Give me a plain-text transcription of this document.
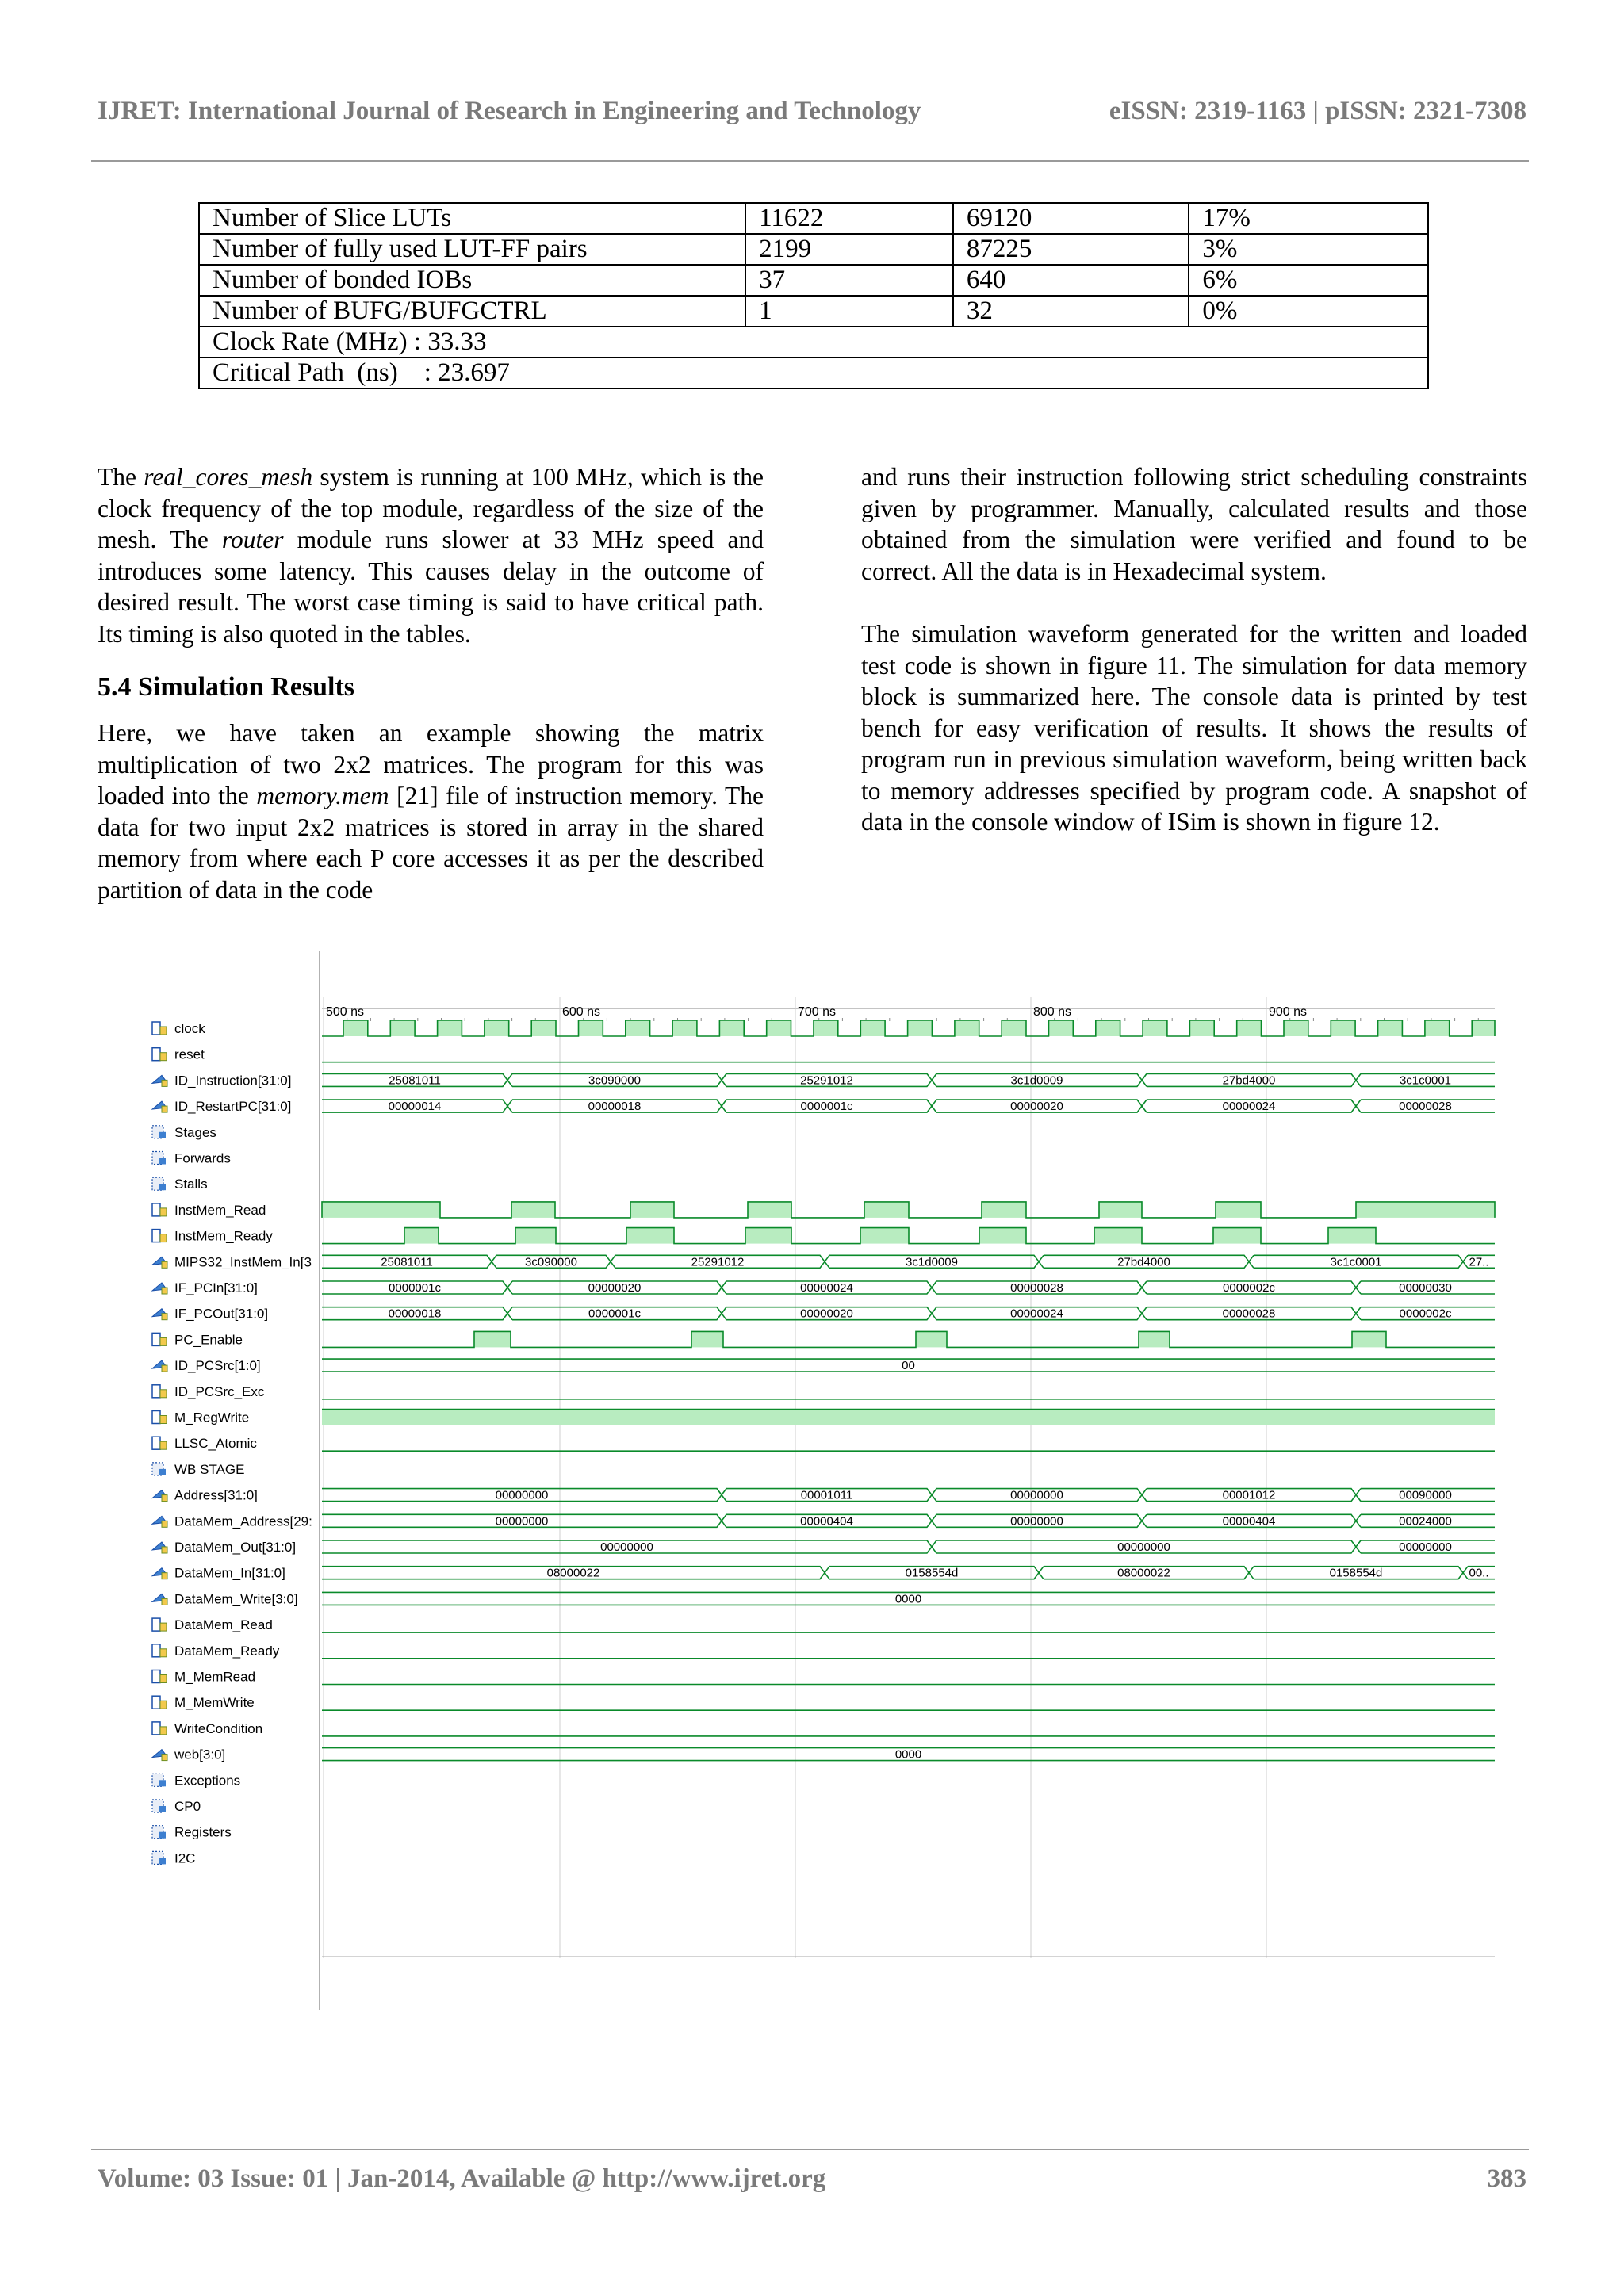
IJRET: International Journal of Research in Engineering and Technology	eISSN: 2319-1163 | pISSN: 2321-7308
Number of Slice LUTs	11622	69120	17%
Number of fully used LUT-FF pairs	2199	87225	3%
Number of bonded IOBs	37	640	6%
Number of BUFG/BUFGCTRL	1	32	0%
Clock Rate (MHz) : 33.33			
Critical Path  (ns)    : 23.697			

The real_cores_mesh system is running at 100 MHz, which is the clock frequency of the top module, regardless of the size of the mesh. The router module runs slower at 33 MHz speed and introduces some latency. This causes delay in the outcome of desired result. The worst case timing is said to have critical path. Its timing is also quoted in the tables.

5.4 Simulation Results

Here, we have taken an example showing the matrix multiplication of two 2x2 matrices. The program for this was loaded into the memory.mem [21] file of instruction memory. The data for two input 2x2 matrices is stored in array in the shared memory from where each P core accesses it as per the described partition of data in the code

and runs their instruction following strict scheduling constraints given by programmer. Manually, calculated results and those obtained from the simulation were verified and found to be correct. All the data is in Hexadecimal system.

The simulation waveform generated for the written and loaded test code is shown in figure 11. The simulation for data memory block is summarized here. The console data is printed by test bench for easy verification of results. It shows the results of program run in previous simulation waveform, being written back to memory addresses specified by program code. A snapshot of data in the console window of ISim is shown in figure 12.

500 ns	600 ns	700 ns	800 ns	900 ns
clock
reset
ID_Instruction[31:0]	25081011	3c090000	25291012	3c1d0009	27bd4000	3c1c0001
ID_RestartPC[31:0]	00000014	00000018	0000001c	00000020	00000024	00000028
Stages
Forwards
Stalls
InstMem_Read
InstMem_Ready
MIPS32_InstMem_In[3	25081011	3c090000	25291012	3c1d0009	27bd4000	3c1c0001	27..
IF_PCIn[31:0]	0000001c	00000020	00000024	00000028	0000002c	00000030
IF_PCOut[31:0]	00000018	0000001c	00000020	00000024	00000028	0000002c
PC_Enable
ID_PCSrc[1:0]	00
ID_PCSrc_Exc
M_RegWrite
LLSC_Atomic
WB STAGE
Address[31:0]	00000000	00001011	00000000	00001012	00090000
DataMem_Address[29:	00000000	00000404	00000000	00000404	00024000
DataMem_Out[31:0]	00000000	00000000	00000000
DataMem_In[31:0]	08000022	0158554d	08000022	0158554d	00..
DataMem_Write[3:0]	0000
DataMem_Read
DataMem_Ready
M_MemRead
M_MemWrite
WriteCondition
web[3:0]	0000
Exceptions
CP0
Registers
I2C
Volume: 03 Issue: 01 | Jan-2014, Available @ http://www.ijret.org	383
